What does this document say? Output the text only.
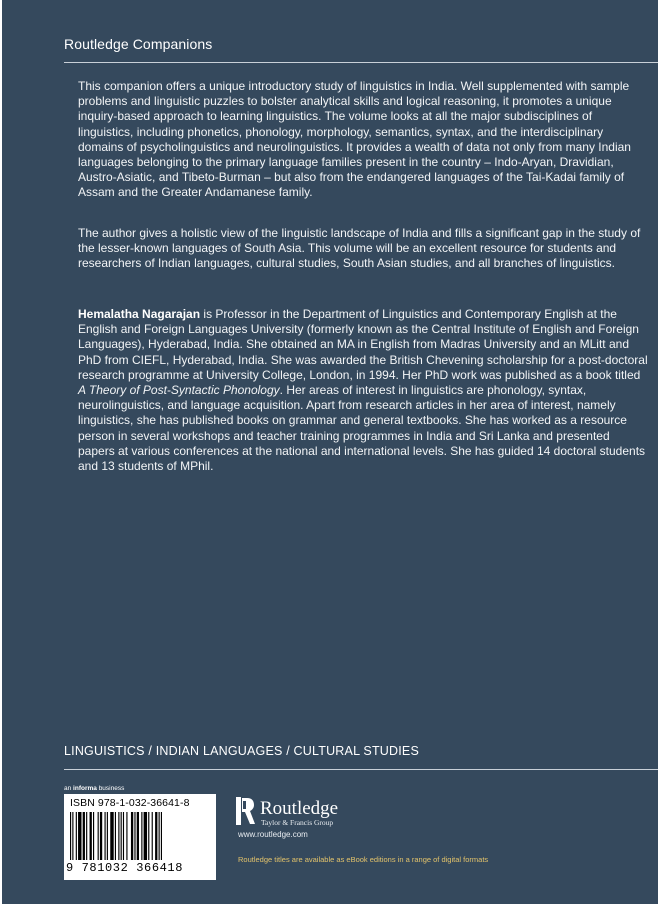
Routledge Companions
This companion offers a unique introductory study of linguistics in India. Well supplemented with sample problems and linguistic puzzles to bolster analytical skills and logical reasoning, it promotes a unique inquiry-based approach to learning linguistics. The volume looks at all the major subdisciplines of linguistics, including phonetics, phonology, morphology, semantics, syntax, and the interdisciplinary domains of psycholinguistics and neurolinguistics. It provides a wealth of data not only from many Indian languages belonging to the primary language families present in the country – Indo-Aryan, Dravidian, Austro-Asiatic, and Tibeto-Burman – but also from the endangered languages of the Tai-Kadai family of Assam and the Greater Andamanese family.
The author gives a holistic view of the linguistic landscape of India and fills a significant gap in the study of the lesser-known languages of South Asia. This volume will be an excellent resource for students and researchers of Indian languages, cultural studies, South Asian studies, and all branches of linguistics.
Hemalatha Nagarajan is Professor in the Department of Linguistics and Contemporary English at the English and Foreign Languages University (formerly known as the Central Institute of English and Foreign Languages), Hyderabad, India. She obtained an MA in English from Madras University and an MLitt and PhD from CIEFL, Hyderabad, India. She was awarded the British Chevening scholarship for a post-doctoral research programme at University College, London, in 1994. Her PhD work was published as a book titled A Theory of Post-Syntactic Phonology. Her areas of interest in linguistics are phonology, syntax, neurolinguistics, and language acquisition. Apart from research articles in her area of interest, namely linguistics, she has published books on grammar and general textbooks. She has worked as a resource person in several workshops and teacher training programmes in India and Sri Lanka and presented papers at various conferences at the national and international levels. She has guided 14 doctoral students and 13 students of MPhil.
LINGUISTICS / INDIAN LANGUAGES / CULTURAL STUDIES
an informa business
ISBN 978-1-032-36641-8
9 781032 366418
Routledge
Taylor & Francis Group
www.routledge.com
Routledge titles are available as eBook editions in a range of digital formats
